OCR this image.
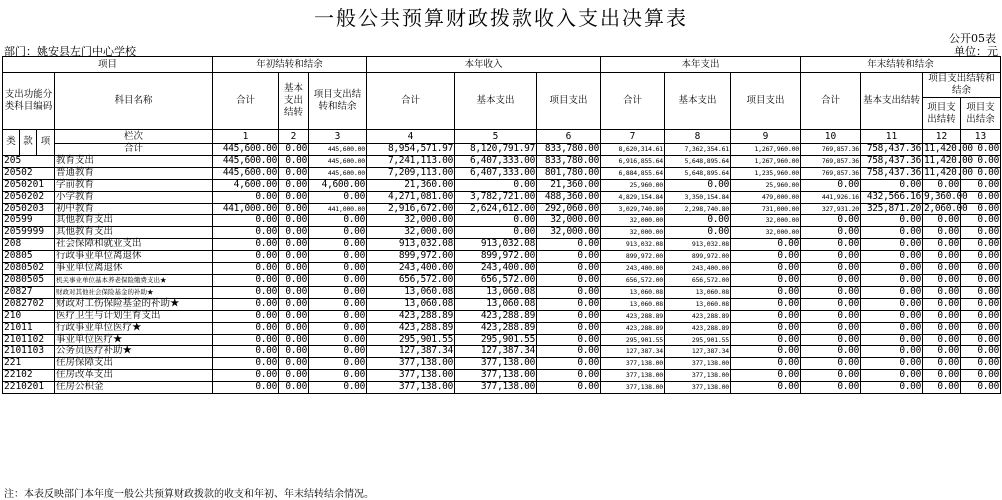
一般公共预算财政拨款收入支出决算表
公开05表
部门：姚安县左门中心学校	单位：元
项目				年初结转和结余			本年收入			本年支出			年末结转和结余			
支出功能分类科目编码			科目名称	合计	基本支出结转	项目支出结转和结余	合计	基本支出	项目支出	合计	基本支出	项目支出	合计	基本支出结转	项目支出结转和结余	
															项目支出结转	项目支出结余
类	款	项	栏次	1	2	3	4	5	6	7	8	9	10	11	12	13
			合计	445,600.00	0.00	445,600.00	8,954,571.97	8,120,791.97	833,780.00	8,620,314.61	7,362,354.61	1,267,960.00	769,857.36	758,437.36	11,420.00	0.00
205			教育支出	445,600.00	0.00	445,600.00	7,241,113.00	6,407,333.00	833,780.00	6,916,855.64	5,648,895.64	1,267,960.00	769,857.36	758,437.36	11,420.00	0.00
20502			普通教育	445,600.00	0.00	445,600.00	7,209,113.00	6,407,333.00	801,780.00	6,884,855.64	5,648,895.64	1,235,960.00	769,857.36	758,437.36	11,420.00	0.00
2050201			学前教育	4,600.00	0.00	4,600.00	21,360.00	0.00	21,360.00	25,960.00	0.00	25,960.00	0.00	0.00	0.00	0.00
2050202			小学教育	0.00	0.00	0.00	4,271,081.00	3,782,721.00	488,360.00	4,829,154.84	3,350,154.84	479,000.00	441,926.16	432,566.16	9,360.00	0.00
2050203			初中教育	441,000.00	0.00	441,000.00	2,916,672.00	2,624,612.00	292,060.00	3,029,740.80	2,298,740.80	731,000.00	327,931.20	325,871.20	2,060.00	0.00
20599			其他教育支出	0.00	0.00	0.00	32,000.00	0.00	32,000.00	32,000.00	0.00	32,000.00	0.00	0.00	0.00	0.00
2059999			其他教育支出	0.00	0.00	0.00	32,000.00	0.00	32,000.00	32,000.00	0.00	32,000.00	0.00	0.00	0.00	0.00
208			社会保障和就业支出	0.00	0.00	0.00	913,032.08	913,032.08	0.00	913,032.08	913,032.08	0.00	0.00	0.00	0.00	0.00
20805			行政事业单位离退休	0.00	0.00	0.00	899,972.00	899,972.00	0.00	899,972.00	899,972.00	0.00	0.00	0.00	0.00	0.00
2080502			事业单位离退休	0.00	0.00	0.00	243,400.00	243,400.00	0.00	243,400.00	243,400.00	0.00	0.00	0.00	0.00	0.00
2080505			机关事业单位基本养老保险缴费支出★	0.00	0.00	0.00	656,572.00	656,572.00	0.00	656,572.00	656,572.00	0.00	0.00	0.00	0.00	0.00
20827			财政对其他社会保险基金的补助★	0.00	0.00	0.00	13,060.08	13,060.08	0.00	13,060.08	13,060.08	0.00	0.00	0.00	0.00	0.00
2082702			财政对工伤保险基金的补助★	0.00	0.00	0.00	13,060.08	13,060.08	0.00	13,060.08	13,060.08	0.00	0.00	0.00	0.00	0.00
210			医疗卫生与计划生育支出	0.00	0.00	0.00	423,288.89	423,288.89	0.00	423,288.89	423,288.89	0.00	0.00	0.00	0.00	0.00
21011			行政事业单位医疗★	0.00	0.00	0.00	423,288.89	423,288.89	0.00	423,288.89	423,288.89	0.00	0.00	0.00	0.00	0.00
2101102			事业单位医疗★	0.00	0.00	0.00	295,901.55	295,901.55	0.00	295,901.55	295,901.55	0.00	0.00	0.00	0.00	0.00
2101103			公务员医疗补助★	0.00	0.00	0.00	127,387.34	127,387.34	0.00	127,387.34	127,387.34	0.00	0.00	0.00	0.00	0.00
221			住房保障支出	0.00	0.00	0.00	377,138.00	377,138.00	0.00	377,138.00	377,138.00	0.00	0.00	0.00	0.00	0.00
22102			住房改革支出	0.00	0.00	0.00	377,138.00	377,138.00	0.00	377,138.00	377,138.00	0.00	0.00	0.00	0.00	0.00
2210201			住房公积金	0.00	0.00	0.00	377,138.00	377,138.00	0.00	377,138.00	377,138.00	0.00	0.00	0.00	0.00	0.00
注：本表反映部门本年度一般公共预算财政拨款的收支和年初、年末结转结余情况。
